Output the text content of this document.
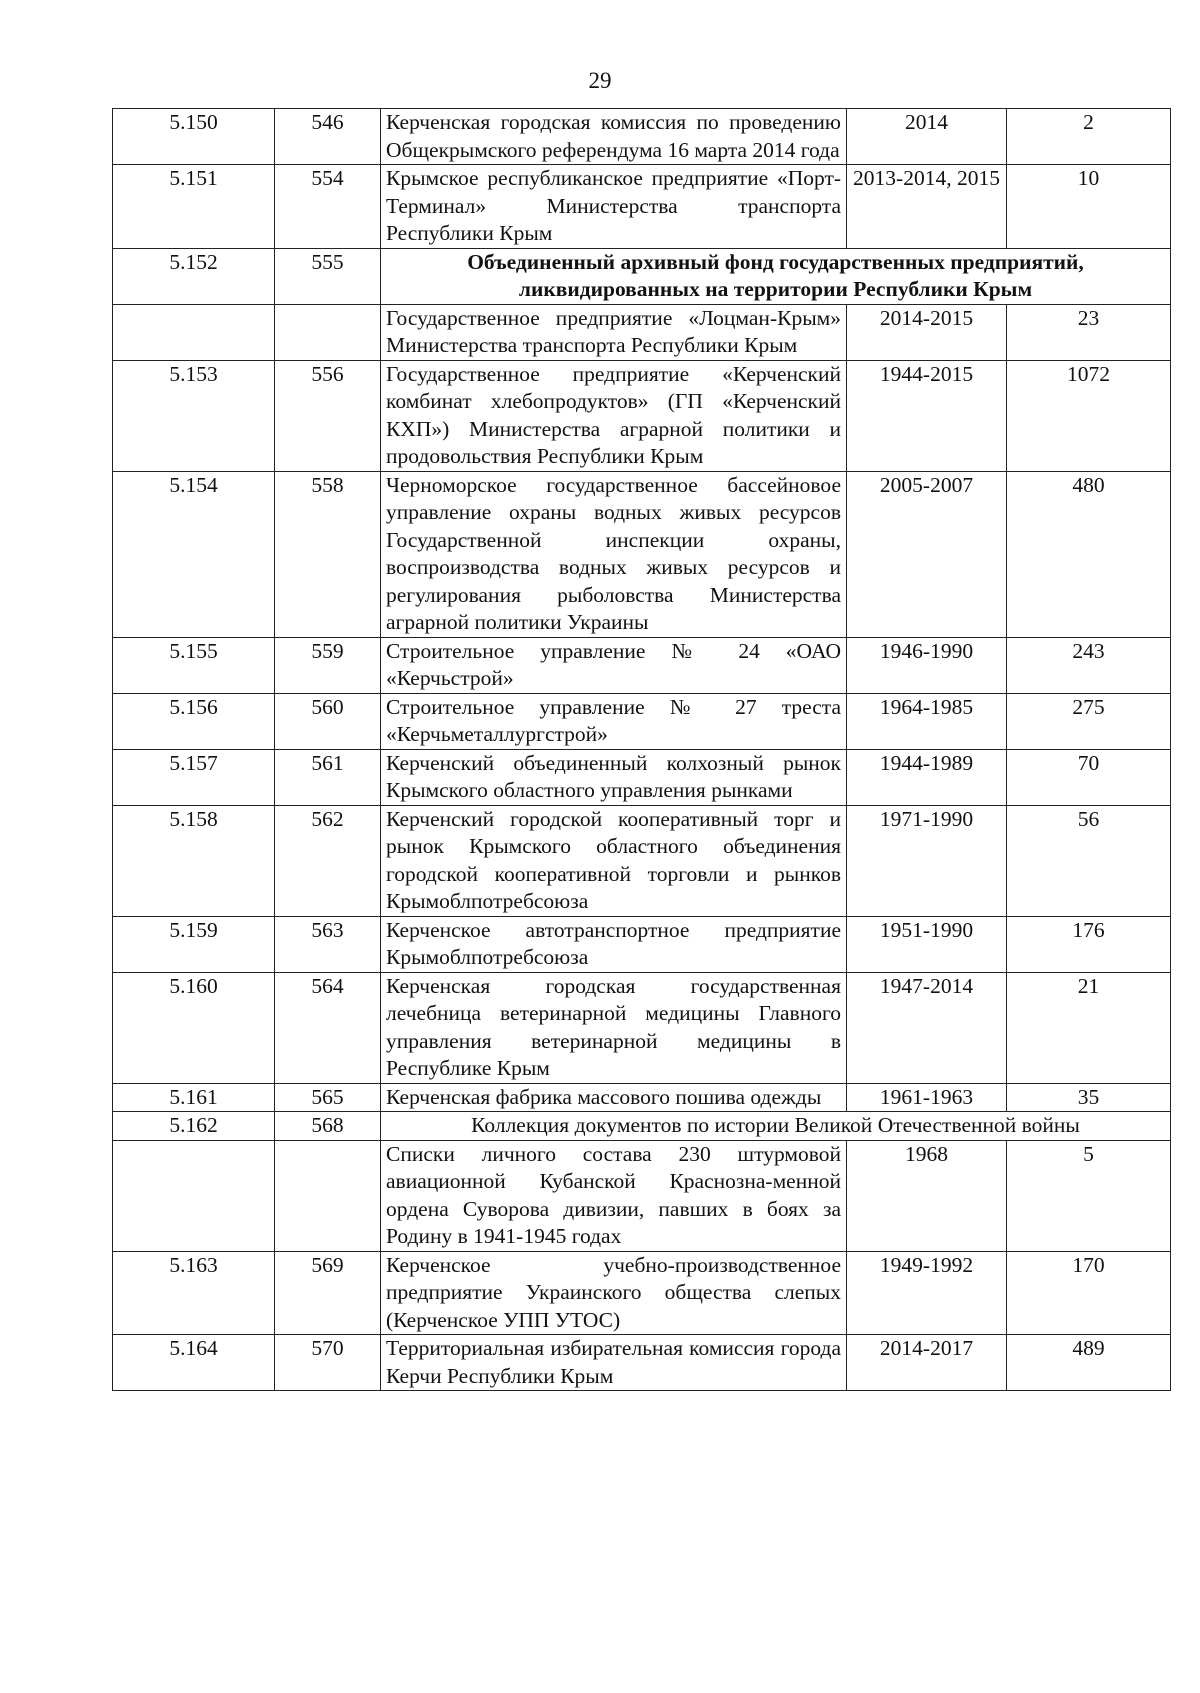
29
5.150	546	Керченская городская комиссия по проведению Общекрымского референдума 16 марта 2014 года	2014	2
5.151	554	Крымское республиканское предприятие «Порт-Терминал» Министерства транспорта Республики Крым	2013-2014, 2015	10
5.152	555	Объединенный архивный фонд государственных предприятий, ликвидированных на территории Республики Крым		
		Государственное предприятие «Лоцман-Крым» Министерства транспорта Республики Крым	2014-2015	23
5.153	556	Государственное предприятие «Керченский комбинат хлебопродуктов» (ГП «Керченский КХП») Министерства аграрной политики и продовольствия Республики Крым	1944-2015	1072
5.154	558	Черноморское государственное бассейновое управление охраны водных живых ресурсов Государственной инспекции охраны, воспроизводства водных живых ресурсов и регулирования рыболовства Министерства аграрной политики Украины	2005-2007	480
5.155	559	Строительное управление № 24 «ОАО «Керчьстрой»	1946-1990	243
5.156	560	Строительное управление № 27 треста «Керчьметаллургстрой»	1964-1985	275
5.157	561	Керченский объединенный колхозный рынок Крымского областного управления рынками	1944-1989	70
5.158	562	Керченский городской кооперативный торг и рынок Крымского областного объединения городской кооперативной торговли и рынков Крымоблпотребсоюза	1971-1990	56
5.159	563	Керченское автотранспортное предприятие Крымоблпотребсоюза	1951-1990	176
5.160	564	Керченская городская государственная лечебница ветеринарной медицины Главного управления ветеринарной медицины в Республике Крым	1947-2014	21
5.161	565	Керченская фабрика массового пошива одежды	1961-1963	35
5.162	568	Коллекция документов по истории Великой Отечественной войны		
		Списки личного состава 230 штурмовой авиационной Кубанской Краснозна-менной ордена Суворова дивизии, павших в боях за Родину в 1941-1945 годах	1968	5
5.163	569	Керченское учебно-производственное предприятие Украинского общества слепых (Керченское УПП УТОС)	1949-1992	170
5.164	570	Территориальная избирательная комиссия города Керчи Республики Крым	2014-2017	489
